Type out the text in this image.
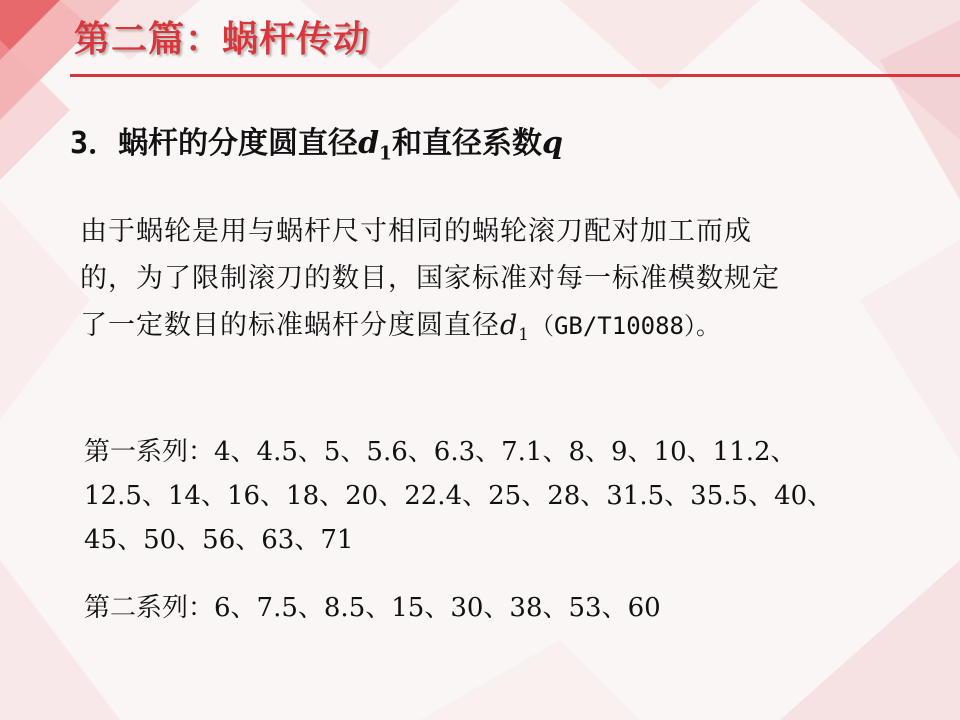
第二篇：蜗杆传动
3．蜗杆的分度圆直径$d_1$和直径系数q

由于蜗轮是用与蜗杆尺寸相同的蜗轮滚刀配对加工而成
的，为了限制滚刀的数目，国家标准对每一标准模数规定
了一定数目的标准蜗杆分度圆直径$d_1(GB/T10088)$。

第一系列：4、4.5、5、5.6、6.3、7.1、8、9、10、11.2、
12.5、14、16、18、20、22.4、25、28、31.5、35.5、40、
45、50、56、63、71

第二系列：6、7.5、8.5、15、30、38、53、60
